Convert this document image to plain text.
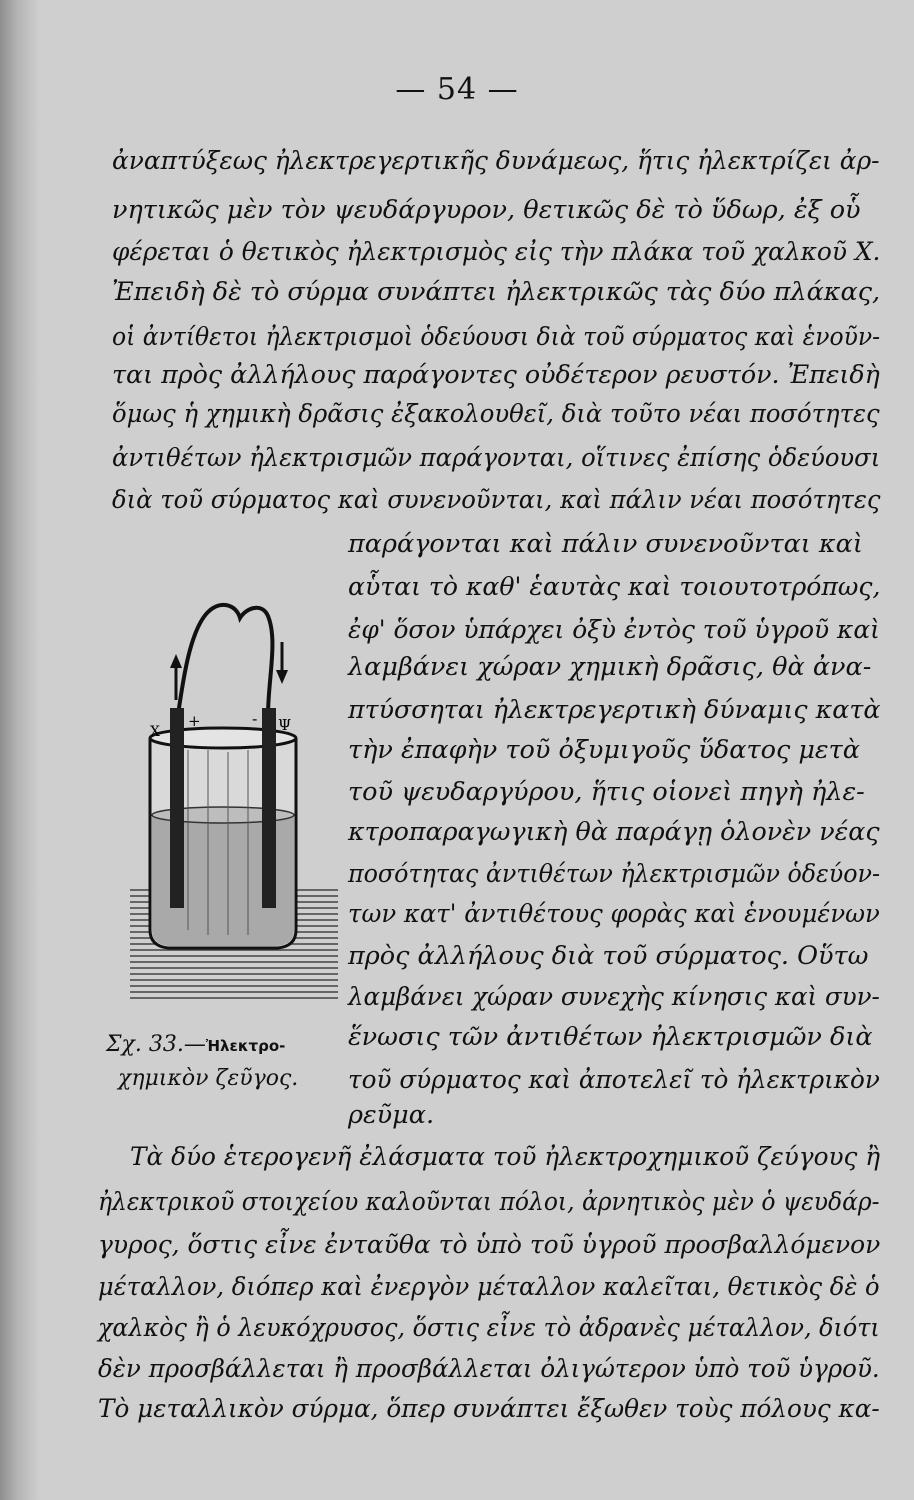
— 54 —
ἀναπτύξεως ἠλεκτρεγερτικῆς δυνάμεως, ἥτις ἠλεκτρίζει ἀρ-
νητικῶς μὲν τὸν ψευδάργυρον, θετικῶς δὲ τὸ ὕδωρ, ἐξ οὗ
φέρεται ὁ θετικὸς ἠλεκτρισμὸς εἰς τὴν πλάκα τοῦ χαλκοῦ Χ.
Ἐπειδὴ δὲ τὸ σύρμα συνάπτει ἠλεκτρικῶς τὰς δύο πλάκας,
οἱ ἀντίθετοι ἠλεκτρισμοὶ ὁδεύουσι διὰ τοῦ σύρματος καὶ ἑνοῦν-
ται πρὸς ἀλλήλους παράγοντες οὐδέτερον ρευστόν. Ἐπειδὴ
ὅμως ἡ χημικὴ δρᾶσις ἐξακολουθεῖ, διὰ τοῦτο νέαι ποσότητες
ἀντιθέτων ἠλεκτρισμῶν παράγονται, οἵτινες ἐπίσης ὁδεύουσι
διὰ τοῦ σύρματος καὶ συνενοῦνται, καὶ πάλιν νέαι ποσότητες
παράγονται καὶ πάλιν συνενοῦνται καὶ
αὗται τὸ καθ' ἑαυτὰς καὶ τοιουτοτρόπως,
ἐφ' ὅσον ὑπάρχει ὀξὺ ἐντὸς τοῦ ὑγροῦ καὶ
λαμβάνει χώραν χημικὴ δρᾶσις, θὰ ἀνα-
πτύσσηται ἠλεκτρεγερτικὴ δύναμις κατὰ
τὴν ἐπαφὴν τοῦ ὀξυμιγοῦς ὕδατος μετὰ
τοῦ ψευδαργύρου, ἥτις οἱονεὶ πηγὴ ἠλε-
κτροπαραγωγικὴ θὰ παράγῃ ὁλονὲν νέας
ποσότητας ἀντιθέτων ἠλεκτρισμῶν ὁδεύον-
των κατ' ἀντιθέτους φορὰς καὶ ἑνουμένων
πρὸς ἀλλήλους διὰ τοῦ σύρματος. Οὕτω
λαμβάνει χώραν συνεχὴς κίνησις καὶ συν-
ἕνωσις τῶν ἀντιθέτων ἠλεκτρισμῶν διὰ
τοῦ σύρματος καὶ ἀποτελεῖ τὸ ἠλεκτρικὸν
ρεῦμα.
Χ
+	- Ψ
Σχ. 33.—Ἠλεκτρο-
χημικὸν ζεῦγος.
Τὰ δύο ἑτερογενῆ ἐλάσματα τοῦ ἠλεκτροχημικοῦ ζεύγους ἢ
ἠλεκτρικοῦ στοιχείου καλοῦνται πόλοι, ἀρνητικὸς μὲν ὁ ψευδάρ-
γυρος, ὅστις εἶνε ἐνταῦθα τὸ ὑπὸ τοῦ ὑγροῦ προσβαλλόμενον
μέταλλον, διόπερ καὶ ἐνεργὸν μέταλλον καλεῖται, θετικὸς δὲ ὁ
χαλκὸς ἢ ὁ λευκόχρυσος, ὅστις εἶνε τὸ ἀδρανὲς μέταλλον, διότι
δὲν προσβάλλεται ἢ προσβάλλεται ὀλιγώτερον ὑπὸ τοῦ ὑγροῦ.
Τὸ μεταλλικὸν σύρμα, ὅπερ συνάπτει ἔξωθεν τοὺς πόλους κα-
